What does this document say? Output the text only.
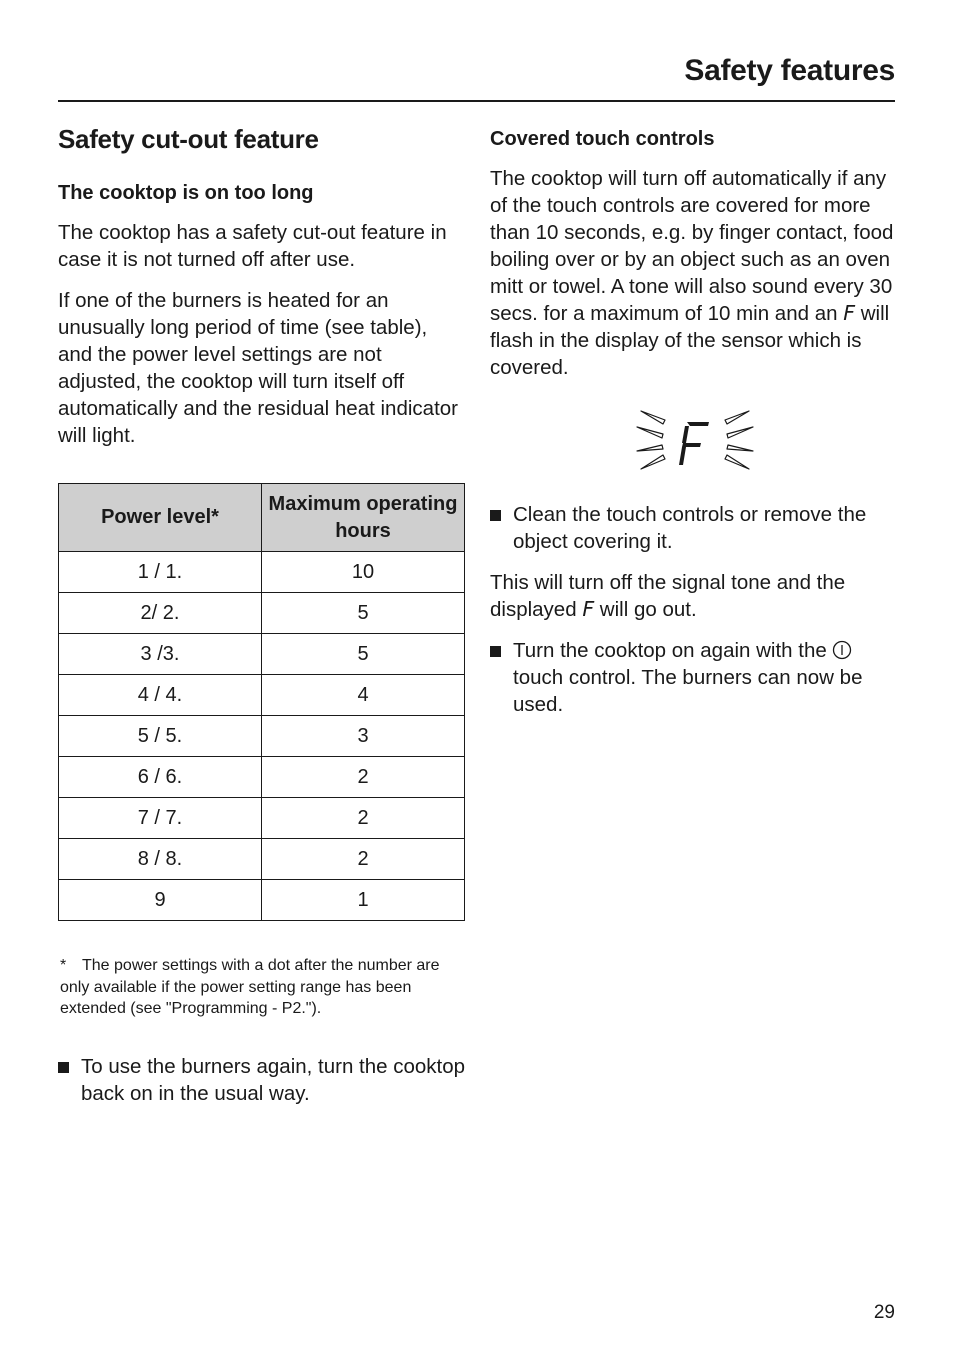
Safety features
Safety cut-out feature
The cooktop is on too long

The cooktop has a safety cut-out feature in case it is not turned off after use.

If one of the burners is heated for an unusually long period of time (see table), and the power level settings are not adjusted, the cooktop will turn itself off automatically and the residual heat indicator will light.

Power level*	Maximum operating hours
1 / 1.	10
2/ 2.	5
3 /3.	5
4 / 4.	4
5 / 5.	3
6 / 6.	2
7 / 7.	2
8 / 8.	2
9	1
* The power settings with a dot after the number are only available if the power setting range has been extended (see "Programming - P2.").
To use the burners again, turn the cooktop back on in the usual way.
Covered touch controls

The cooktop will turn off automatically if any of the touch controls are covered for more than 10 seconds, e.g. by finger contact, food boiling over or by an object such as an oven mitt or towel. A tone will also sound every 30 secs. for a maximum of 10 min and an F will flash in the display of the sensor which is covered.

Clean the touch controls or remove the object covering it.

This will turn off the signal tone and the displayed F will go out.

Turn the cooktop on again with the  touch control. The burners can now be used.
29
